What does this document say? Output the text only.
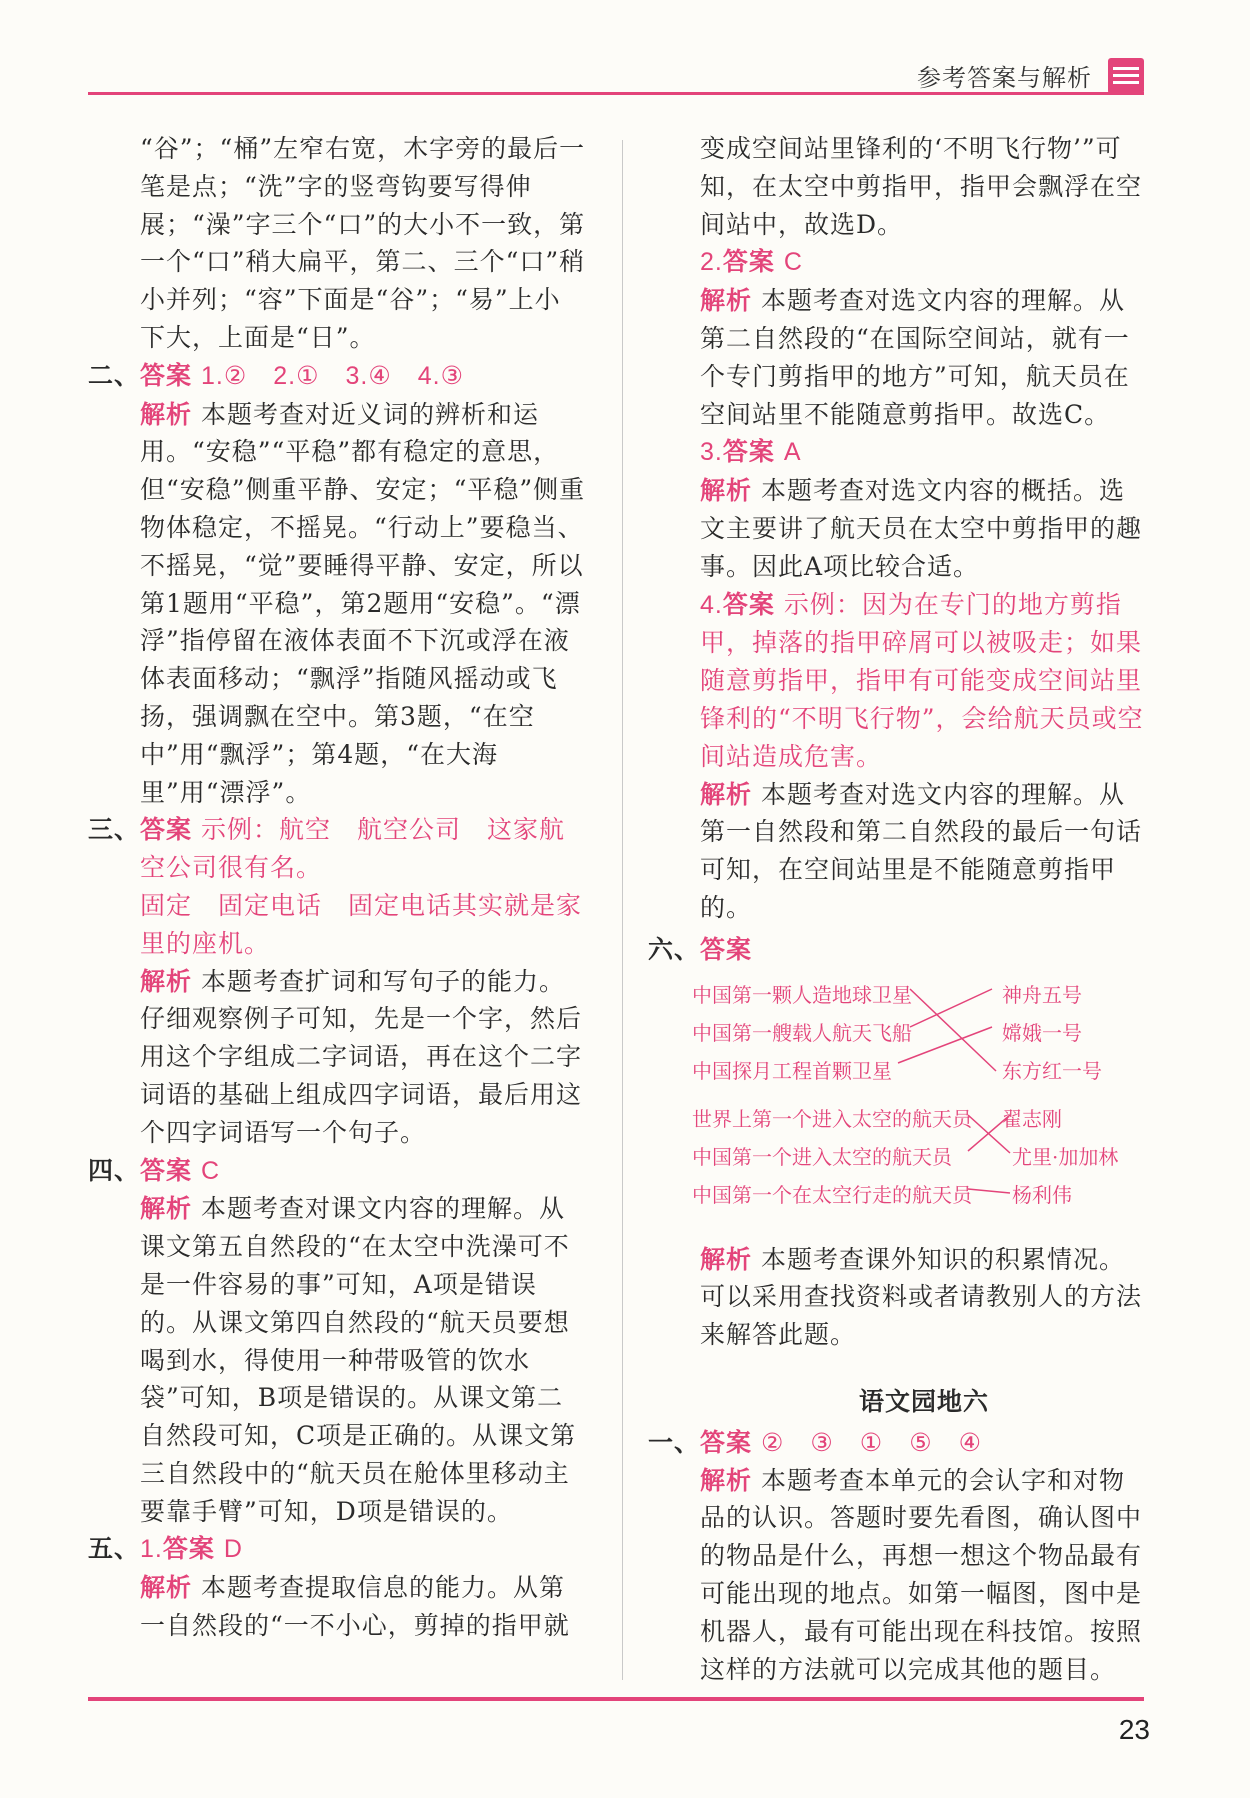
参考答案与解析

“谷”；“桶”左窄右宽，木字旁的最后一笔是点；“洗”字的竖弯钩要写得伸展；“澡”字三个“口”的大小不一致，第一个“口”稍大扁平，第二、三个“口”稍小并列；“容”下面是“谷”；“易”上小下大，上面是“日”。

二、答案 1.②　2.①　3.④　4.③

解析 本题考查对近义词的辨析和运用。“安稳”“平稳”都有稳定的意思，但“安稳”侧重平静、安定；“平稳”侧重物体稳定，不摇晃。“行动上”要稳当、不摇晃，“觉”要睡得平静、安定，所以第1题用“平稳”，第2题用“安稳”。“漂浮”指停留在液体表面不下沉或浮在液体表面移动；“飘浮”指随风摇动或飞扬，强调飘在空中。第3题，“在空中”用“飘浮”；第4题，“在大海里”用“漂浮”。

三、答案 示例：航空　航空公司　这家航空公司很有名。

固定　固定电话　固定电话其实就是家里的座机。

解析 本题考查扩词和写句子的能力。仔细观察例子可知，先是一个字，然后用这个字组成二字词语，再在这个二字词语的基础上组成四字词语，最后用这个四字词语写一个句子。

四、答案 C

解析 本题考查对课文内容的理解。从课文第五自然段的“在太空中洗澡可不是一件容易的事”可知，A项是错误的。从课文第四自然段的“航天员要想喝到水，得使用一种带吸管的饮水袋”可知，B项是错误的。从课文第二自然段可知，C项是正确的。从课文第三自然段中的“航天员在舱体里移动主要靠手臂”可知，D项是错误的。

五、1.答案 D

解析 本题考查提取信息的能力。从第一自然段的“一不小心，剪掉的指甲就

变成空间站里锋利的‘不明飞行物’”可知，在太空中剪指甲，指甲会飘浮在空间站中，故选D。

2.答案 C

解析 本题考查对选文内容的理解。从第二自然段的“在国际空间站，就有一个专门剪指甲的地方”可知，航天员在空间站里不能随意剪指甲。故选C。

3.答案 A

解析 本题考查对选文内容的概括。选文主要讲了航天员在太空中剪指甲的趣事。因此A项比较合适。

4.答案 示例：因为在专门的地方剪指甲，掉落的指甲碎屑可以被吸走；如果随意剪指甲，指甲有可能变成空间站里锋利的“不明飞行物”，会给航天员或空间站造成危害。

解析 本题考查对选文内容的理解。从第一自然段和第二自然段的最后一句话可知，在空间站里是不能随意剪指甲的。

六、答案

中国第一颗人造地球卫星
中国第一艘载人航天飞船
中国探月工程首颗卫星
世界上第一个进入太空的航天员
中国第一个进入太空的航天员
中国第一个在太空行走的航天员
神舟五号
嫦娥一号
东方红一号
翟志刚
尤里·加加林
杨利伟

解析 本题考查课外知识的积累情况。可以采用查找资料或者请教别人的方法来解答此题。

语文园地六

一、答案 ②　③　①　⑤　④

解析 本题考查本单元的会认字和对物品的认识。答题时要先看图，确认图中的物品是什么，再想一想这个物品最有可能出现的地点。如第一幅图，图中是机器人，最有可能出现在科技馆。按照这样的方法就可以完成其他的题目。

23
